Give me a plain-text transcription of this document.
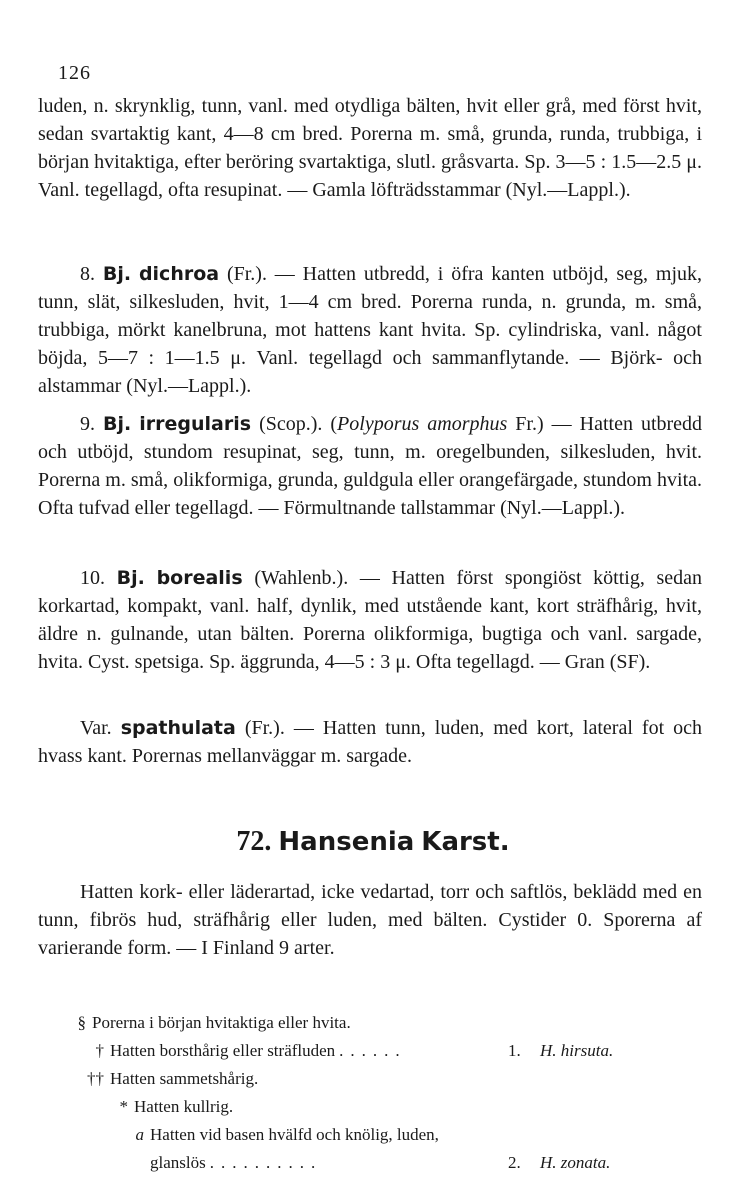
126

luden, n. skrynklig, tunn, vanl. med otydliga bälten, hvit eller grå, med först hvit, sedan svartaktig kant, 4—8 cm bred. Porerna m. små, grunda, runda, trubbiga, i början hvitaktiga, efter beröring svartaktiga, slutl. gråsvarta. Sp. 3—5 : 1.5—2.5 μ. Vanl. tegellagd, ofta resupinat. — Gamla löfträdsstammar (Nyl.—Lappl.).

8. Bj. dichroa (Fr.). — Hatten utbredd, i öfra kanten utböjd, seg, mjuk, tunn, slät, silkesluden, hvit, 1—4 cm bred. Porerna runda, n. grunda, m. små, trubbiga, mörkt kanelbruna, mot hattens kant hvita. Sp. cylindriska, vanl. något böjda, 5—7 : 1—1.5 μ. Vanl. tegellagd och sammanflytande. — Björk- och alstammar (Nyl.—Lappl.).

9. Bj. irregularis (Scop.). (Polyporus amorphus Fr.) — Hatten utbredd och utböjd, stundom resupinat, seg, tunn, m. oregelbunden, silkesluden, hvit. Porerna m. små, olikformiga, grunda, guldgula eller orangefärgade, stundom hvita. Ofta tufvad eller tegellagd. — Förmultnande tallstammar (Nyl.—Lappl.).

10. Bj. borealis (Wahlenb.). — Hatten först spongiöst köttig, sedan korkartad, kompakt, vanl. half, dynlik, med utstående kant, kort sträfhårig, hvit, äldre n. gulnande, utan bälten. Porerna olikformiga, bugtiga och vanl. sargade, hvita. Cyst. spetsiga. Sp. äggrunda, 4—5 : 3 μ. Ofta tegellagd. — Gran (SF).

Var. spathulata (Fr.). — Hatten tunn, luden, med kort, lateral fot och hvass kant. Porernas mellanväggar m. sargade.

72. Hansenia Karst.

Hatten kork- eller läderartad, icke vedartad, torr och saftlös, beklädd med en tunn, fibrös hud, sträfhårig eller luden, med bälten. Cystider 0. Sporerna af varierande form. — I Finland 9 arter.

§ Porerna i början hvitaktiga eller hvita.
† Hatten borsthårig eller sträfluden ......	1. H. hirsuta.
†† Hatten sammetshårig.
* Hatten kullrig.
a Hatten vid basen hvälfd och knölig, luden,
glanslös ..........	2. H. zonata.
